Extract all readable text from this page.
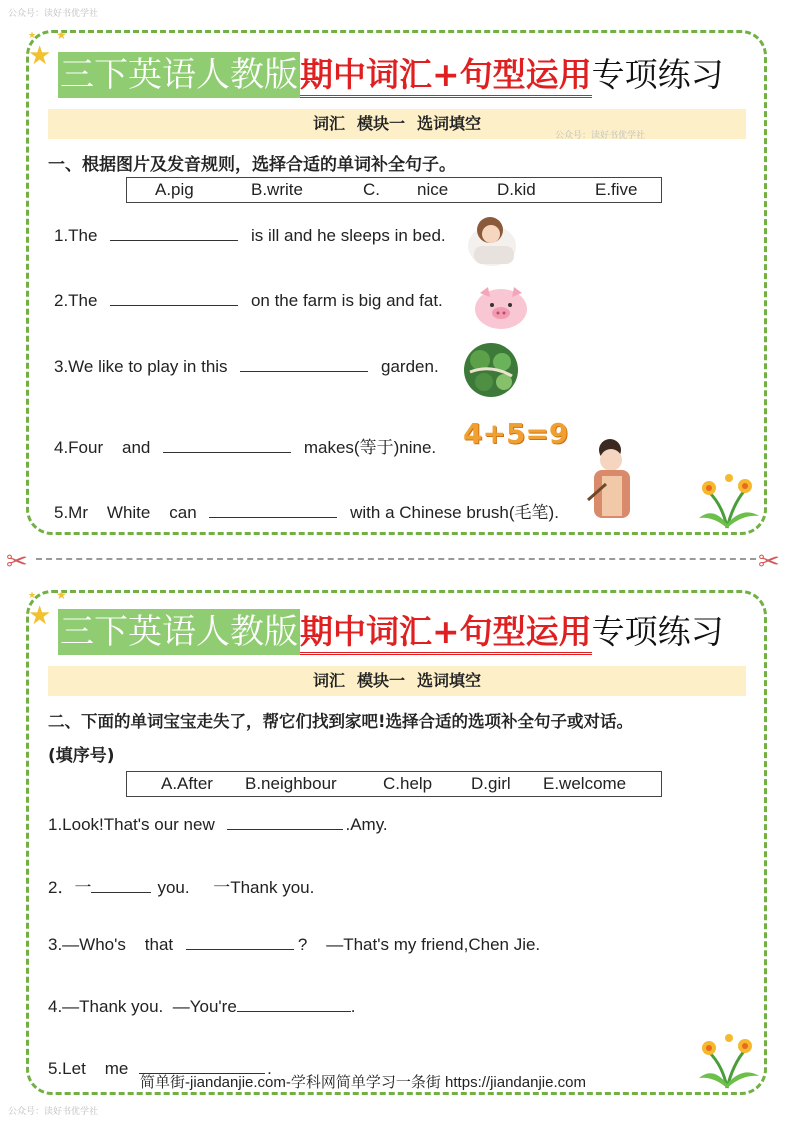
公众号：读好书优学社
★
★
★
三下英语人教版 期中词汇+句型运用 专项练习
词汇 模块一 选词填空
公众号：读好书优学社
一、根据图片及发音规则，选择合适的单词补全句子。
A.pig	B.write	C. nice	D.kid	E.five
1.The	is ill and he sleeps in bed.
2.The	on the farm is big and fat.
3.We like to play in this	garden.
4.Four    and	makes(等于)nine.
5.Mr    White    can	with a Chinese brush(毛笔).
4+5=9
✂	✂
★
★
★
三下英语人教版 期中词汇+句型运用 专项练习
词汇 模块一 选词填空
二、下面的单词宝宝走失了，帮它们找到家吧!选择合适的选项补全句子或对话。
(填序号)
A.After B.neighbour	C.help D.girl E.welcome
1.Look!That's our new	.Amy.
2．一	you.     一Thank you.
3.—Who's    that	?    —That's my friend,Chen Jie.
4.—Thank you.  —You're	.
5.Let    me	.
简单街-jiandanjie.com-学科网简单学习一条街 https://jiandanjie.com
公众号：读好书优学社
